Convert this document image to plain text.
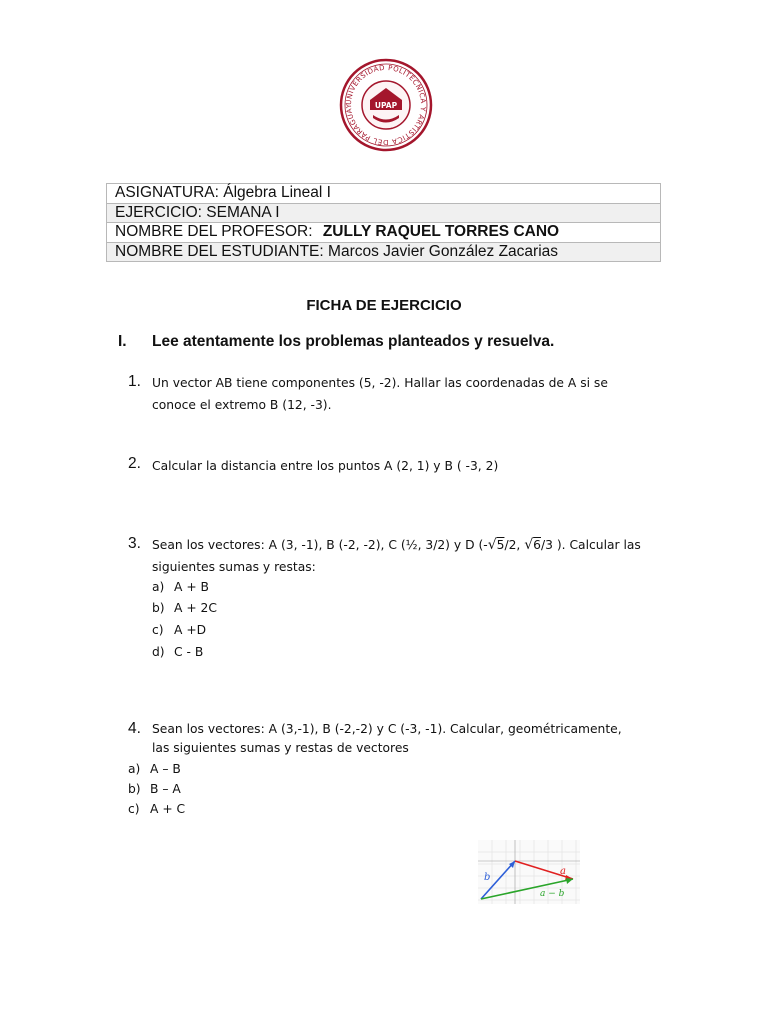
UNIVERSIDAD POLITÉCNICA Y ARTÍSTICA DEL PARAGUAY	UPAP
ASIGNATURA: Álgebra Lineal I
EJERCICIO: SEMANA I
NOMBRE DEL PROFESOR: ZULLY RAQUEL TORRES CANO
NOMBRE DEL ESTUDIANTE: Marcos Javier González Zacarias
FICHA DE EJERCICIO
I. Lee atentamente los problemas planteados y resuelva.
1. Un vector AB tiene componentes (5, -2). Hallar las coordenadas de A si se conoce el extremo B (12, -3).
2. Calcular la distancia entre los puntos A (2, 1) y B ( -3, 2)
3. Sean los vectores: A (3, -1), B (-2, -2), C (½, 3/2) y D (-√5/2, √6/3 ). Calcular las siguientes sumas y restas:
a) A + B
b) A + 2C
c) A +D
d) C - B
4. Sean los vectores: A (3,-1), B (-2,-2) y C (-3, -1). Calcular, geométricamente, las siguientes sumas y restas de vectores
a) A – B
b) B – A
c) A + C
b
a
a − b
